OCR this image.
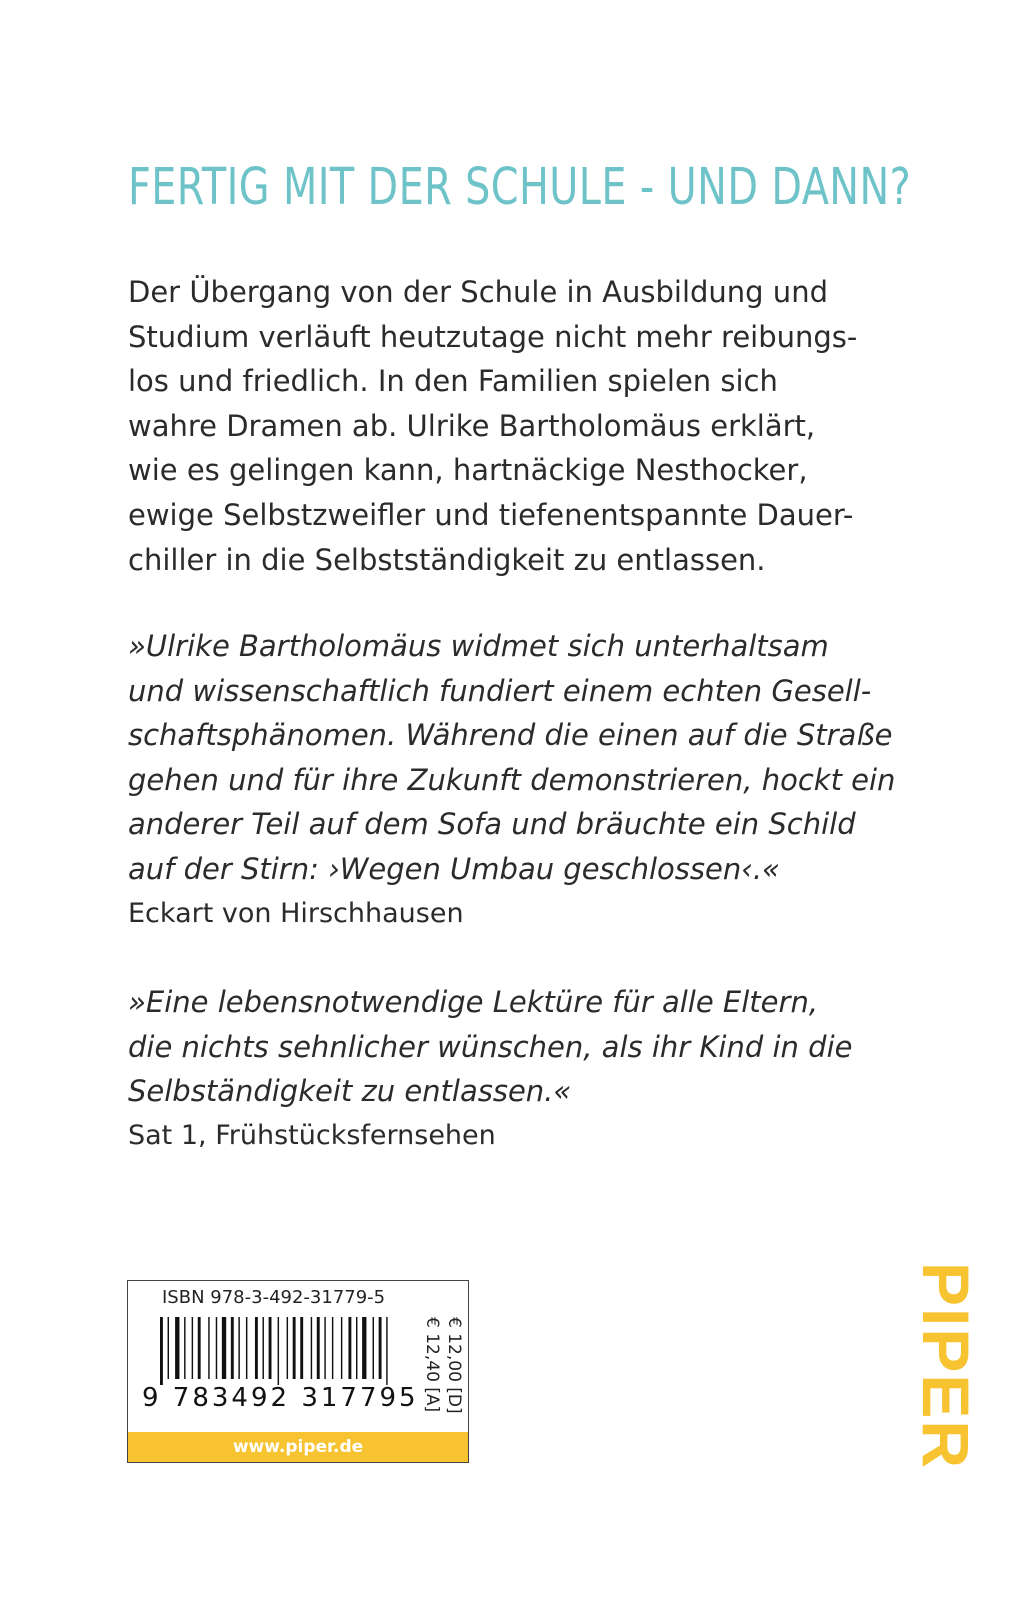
FERTIG MIT DER SCHULE - UND DANN?
Der Übergang von der Schule in Ausbildung und
Studium verläuft heutzutage nicht mehr reibungs-
los und friedlich. In den Familien spielen sich
wahre Dramen ab. Ulrike Bartholomäus erklärt,
wie es gelingen kann, hartnäckige Nesthocker,
ewige Selbstzweifler und tiefenentspannte Dauer-
chiller in die Selbstständigkeit zu entlassen.
»Ulrike Bartholomäus widmet sich unterhaltsam
und wissenschaftlich fundiert einem echten Gesell-
schaftsphänomen. Während die einen auf die Straße
gehen und für ihre Zukunft demonstrieren, hockt ein
anderer Teil auf dem Sofa und bräuchte ein Schild
auf der Stirn: ›Wegen Umbau geschlossen‹.«
Eckart von Hirschhausen
»Eine lebensnotwendige Lektüre für alle Eltern,
die nichts sehnlicher wünschen, als ihr Kind in die
Selbständigkeit zu entlassen.«
Sat 1, Frühstücksfernsehen
ISBN 978-3-492-31779-5
9 783492 317795 € 12,00 [D]
€ 12,40 [A]
www.piper.de	PIPER
